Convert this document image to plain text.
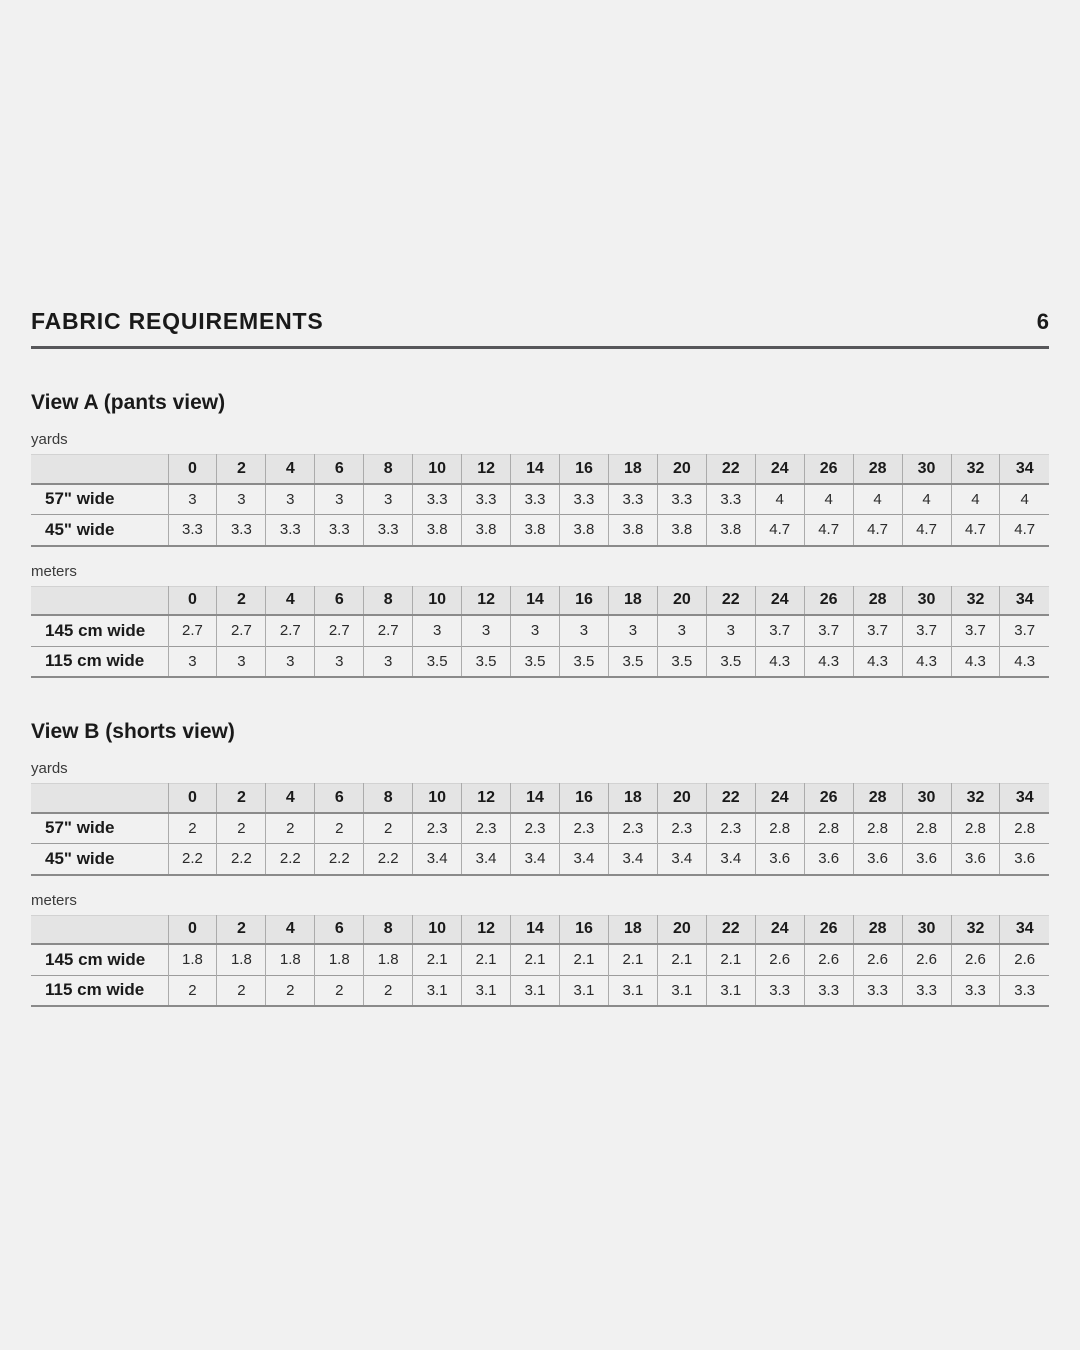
FABRIC REQUIREMENTS	6
View A (pants view)
yards
	0	2	4	6	8	10	12	14	16	18	20	22	24	26	28	30	32	34
57" wide	3	3	3	3	3	3.3	3.3	3.3	3.3	3.3	3.3	3.3	4	4	4	4	4	4
45" wide	3.3	3.3	3.3	3.3	3.3	3.8	3.8	3.8	3.8	3.8	3.8	3.8	4.7	4.7	4.7	4.7	4.7	4.7
meters
	0	2	4	6	8	10	12	14	16	18	20	22	24	26	28	30	32	34
145 cm wide	2.7	2.7	2.7	2.7	2.7	3	3	3	3	3	3	3	3.7	3.7	3.7	3.7	3.7	3.7
115 cm wide	3	3	3	3	3	3.5	3.5	3.5	3.5	3.5	3.5	3.5	4.3	4.3	4.3	4.3	4.3	4.3
View B (shorts view)
yards
	0	2	4	6	8	10	12	14	16	18	20	22	24	26	28	30	32	34
57" wide	2	2	2	2	2	2.3	2.3	2.3	2.3	2.3	2.3	2.3	2.8	2.8	2.8	2.8	2.8	2.8
45" wide	2.2	2.2	2.2	2.2	2.2	3.4	3.4	3.4	3.4	3.4	3.4	3.4	3.6	3.6	3.6	3.6	3.6	3.6
meters
	0	2	4	6	8	10	12	14	16	18	20	22	24	26	28	30	32	34
145 cm wide	1.8	1.8	1.8	1.8	1.8	2.1	2.1	2.1	2.1	2.1	2.1	2.1	2.6	2.6	2.6	2.6	2.6	2.6
115 cm wide	2	2	2	2	2	3.1	3.1	3.1	3.1	3.1	3.1	3.1	3.3	3.3	3.3	3.3	3.3	3.3
